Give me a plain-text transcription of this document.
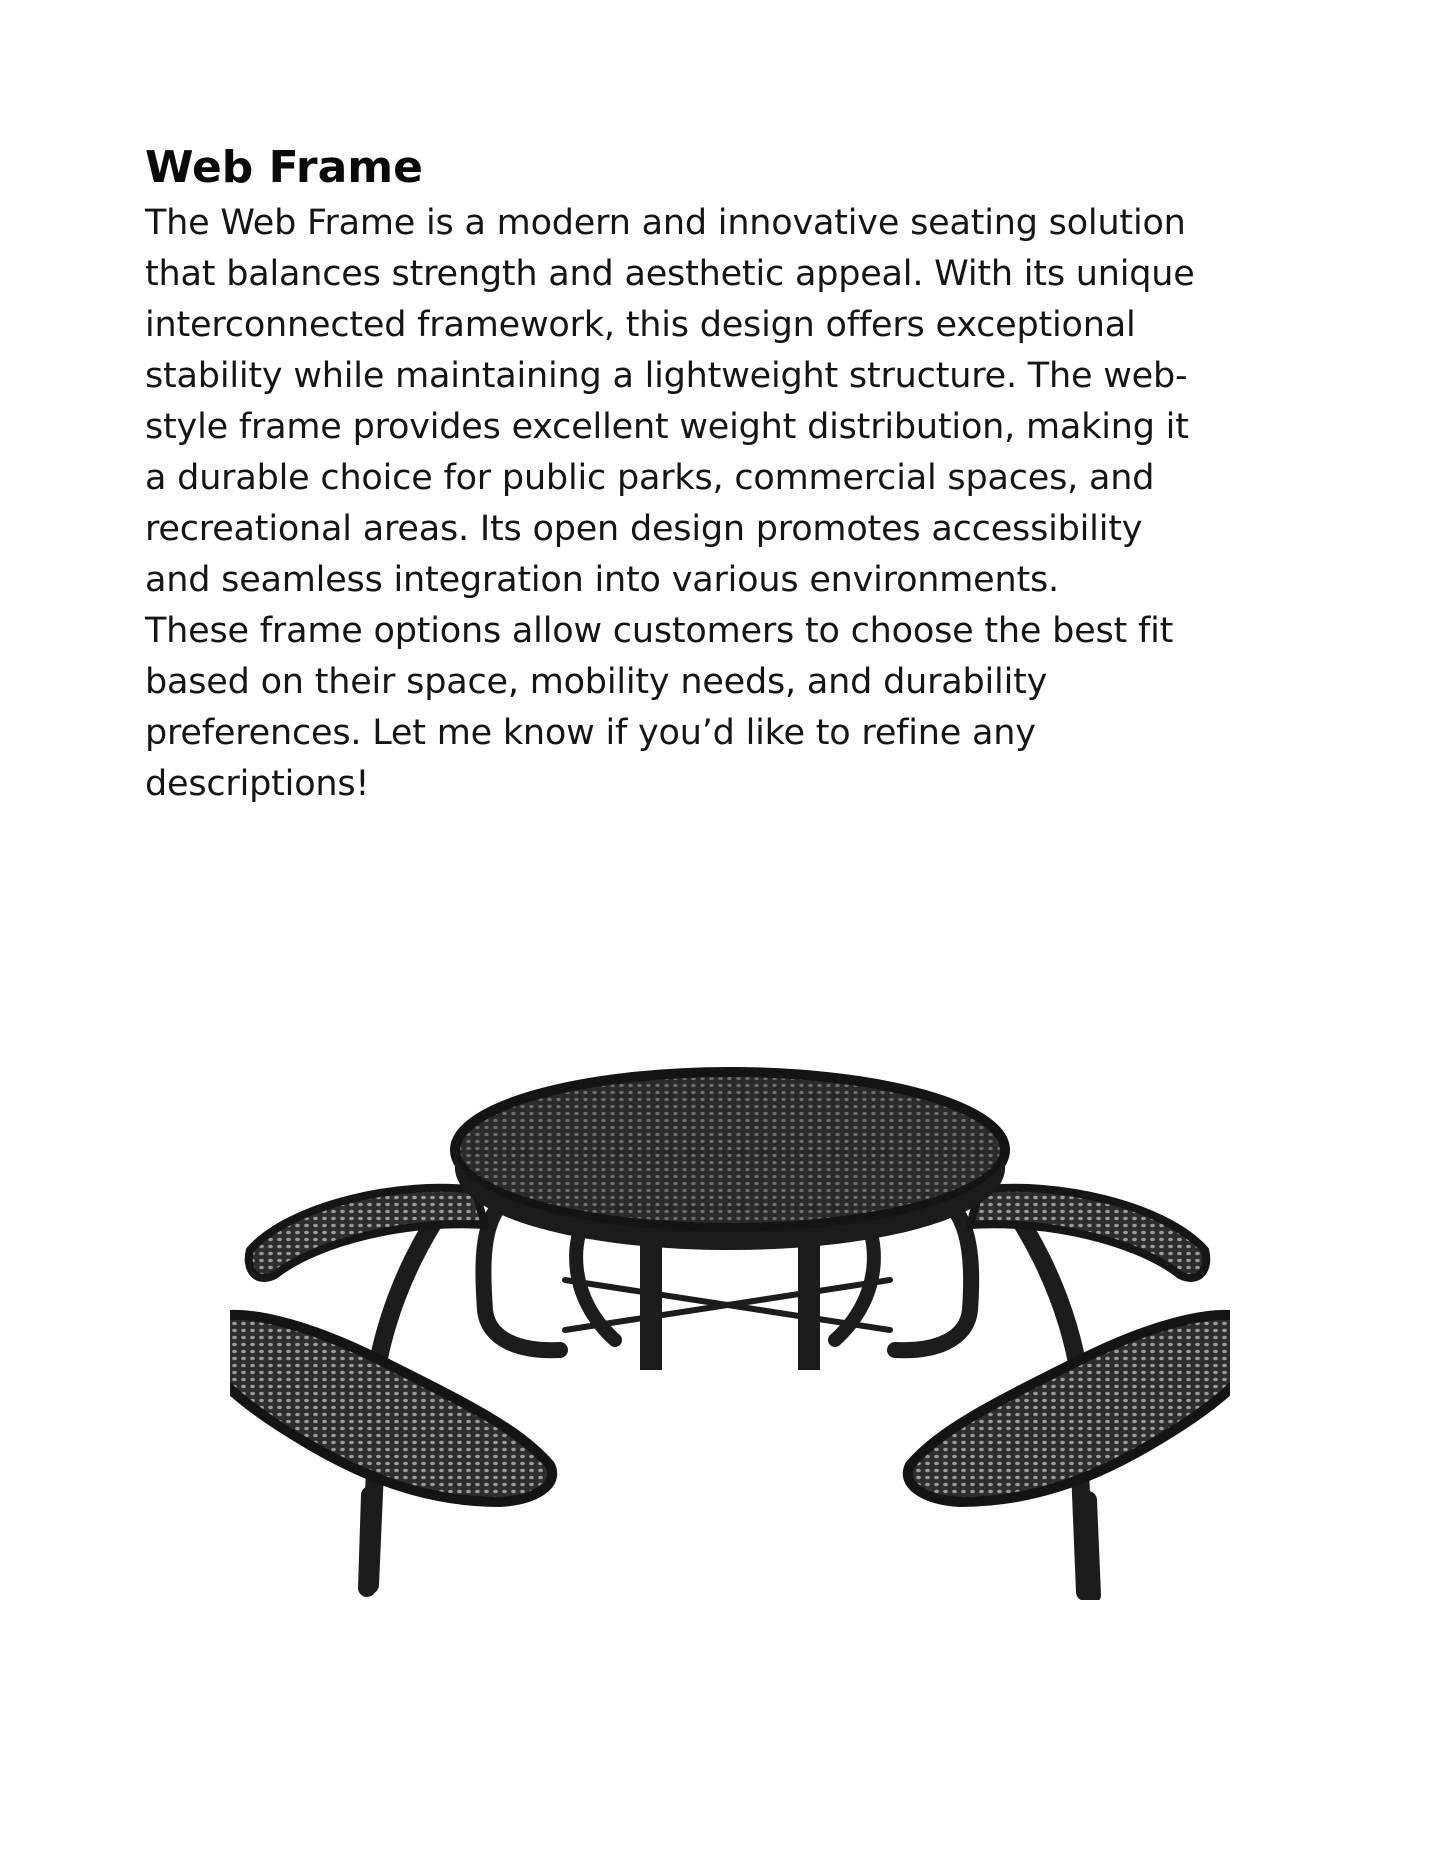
Web Frame

The Web Frame is a modern and innovative seating solution
that balances strength and aesthetic appeal. With its unique
interconnected framework, this design offers exceptional
stability while maintaining a lightweight structure. The web-
style frame provides excellent weight distribution, making it
a durable choice for public parks, commercial spaces, and
recreational areas. Its open design promotes accessibility
and seamless integration into various environments.
These frame options allow customers to choose the best fit
based on their space, mobility needs, and durability
preferences. Let me know if you’d like to refine any
descriptions!
